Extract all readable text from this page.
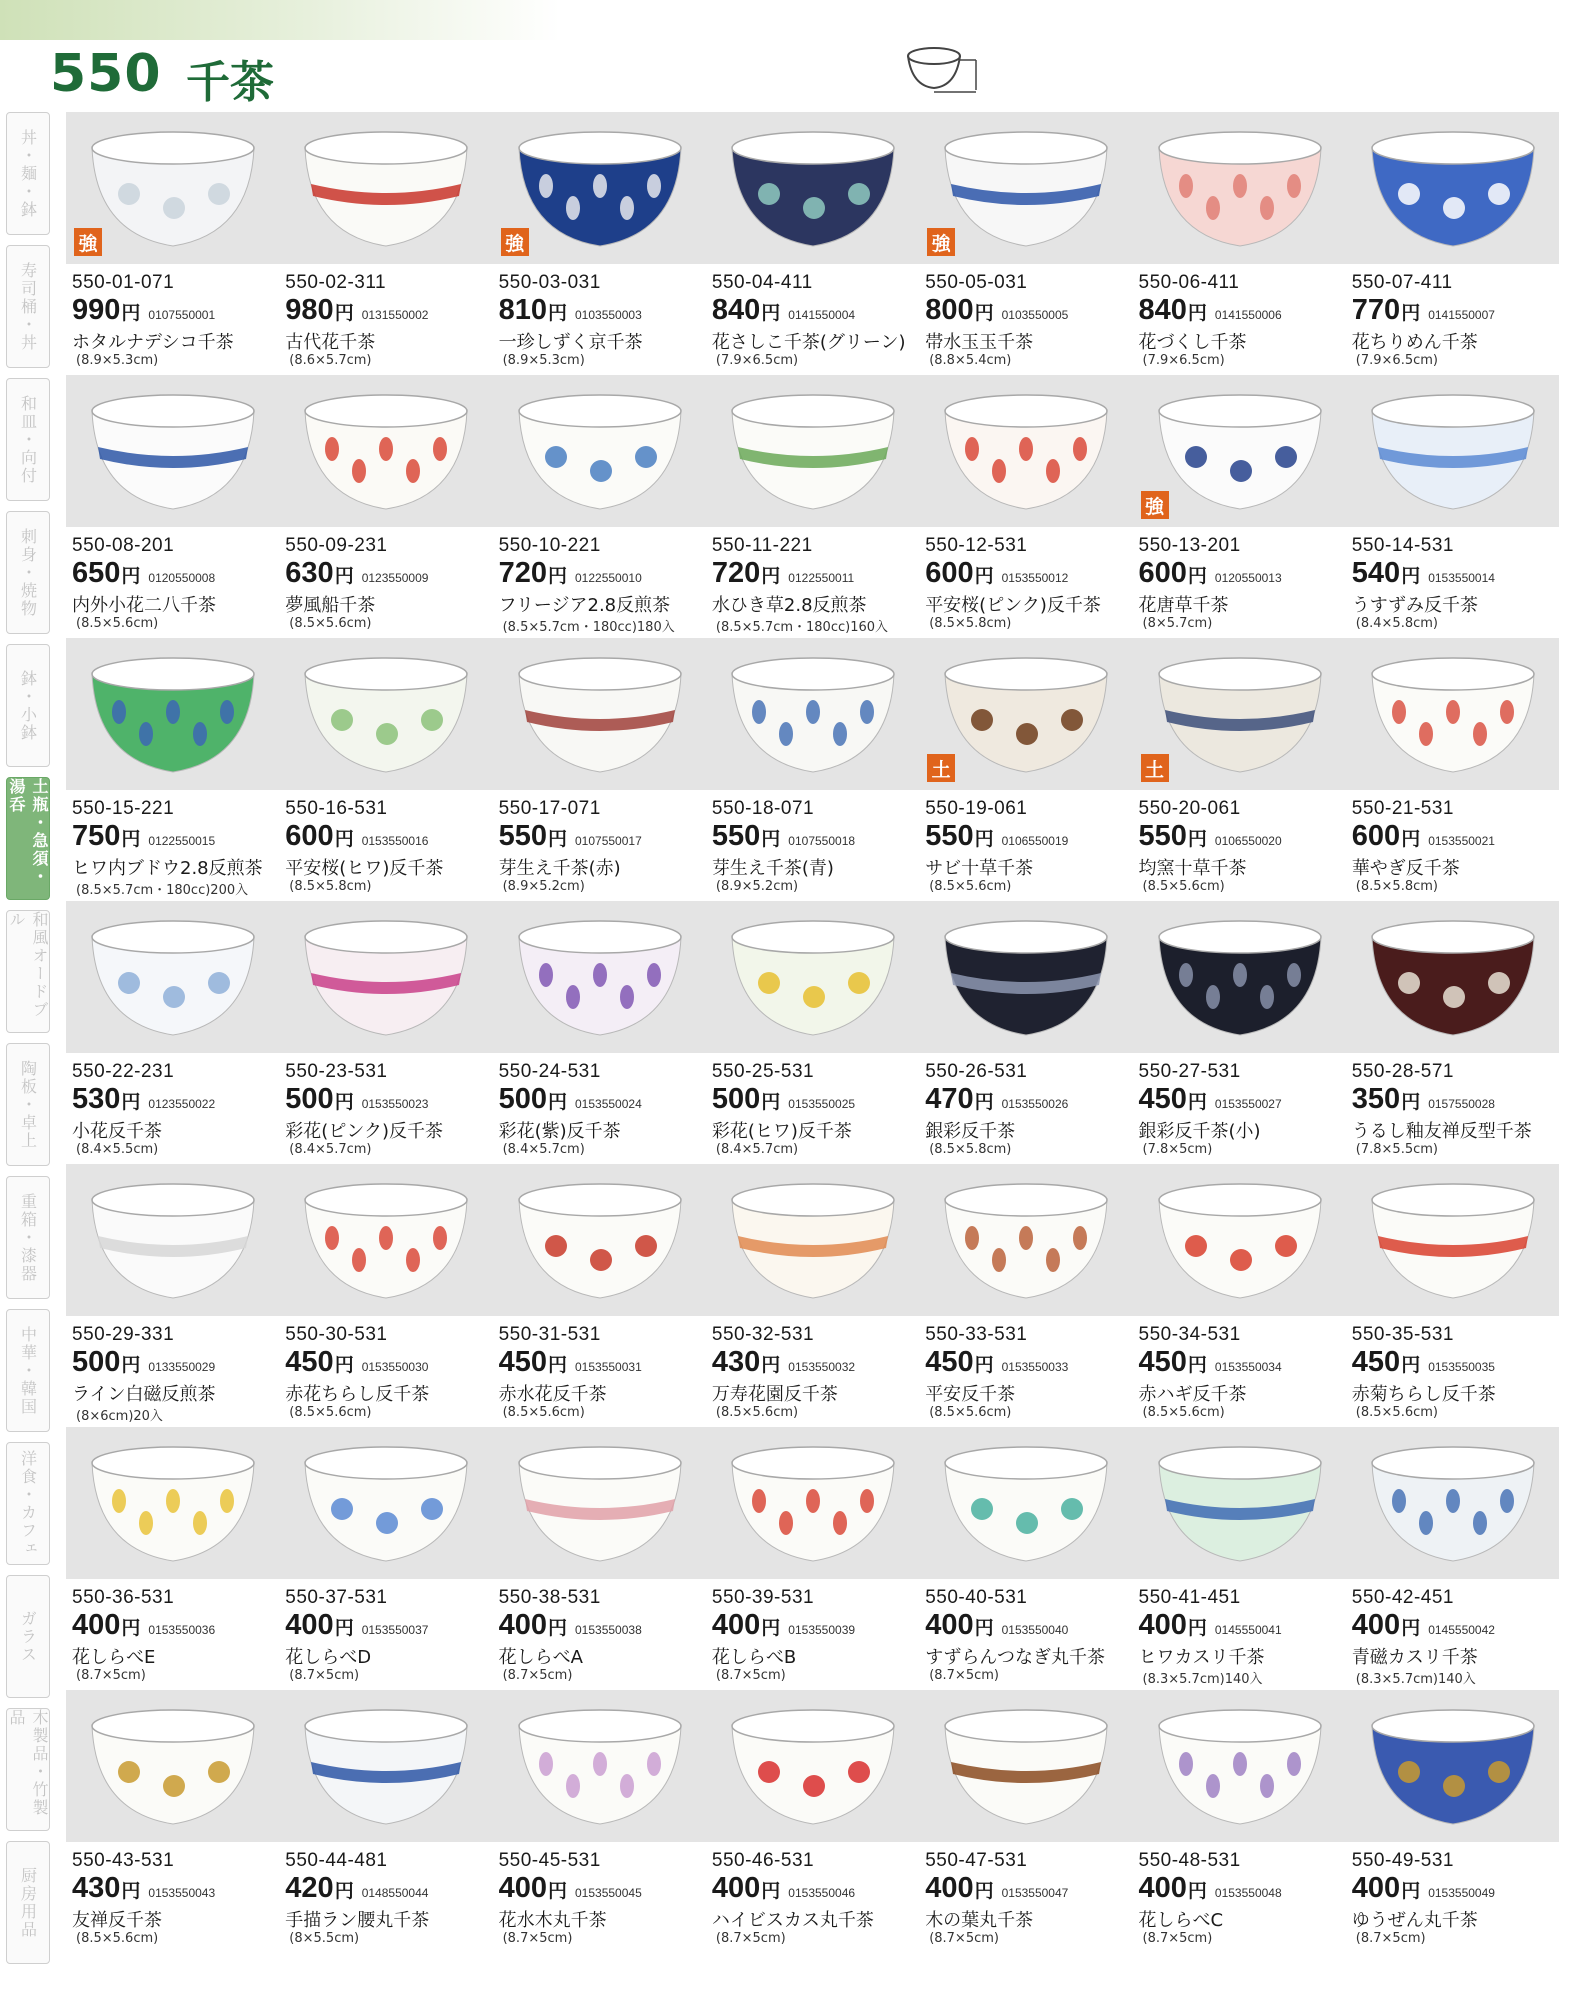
550 千茶
丼・麺・鉢
寿司桶・丼
和皿・向付
刺身・焼物
鉢・小鉢
土瓶・急須・湯呑
和風オードブル
陶板・卓上
重箱・漆器
中華・韓国
洋食・カフェ
ガラス
木製品・竹製品
厨房用品
強
550-01-071
990円 0107550001
ホタルナデシコ千茶
(8.9×5.3cm)
550-02-311
980円 0131550002
古代花千茶
(8.6×5.7cm)
強
550-03-031
810円 0103550003
一珍しずく京千茶
(8.9×5.3cm)
550-04-411
840円 0141550004
花さしこ千茶(グリーン)
(7.9×6.5cm)
強
550-05-031
800円 0103550005
帯水玉玉千茶
(8.8×5.4cm)
550-06-411
840円 0141550006
花づくし千茶
(7.9×6.5cm)
550-07-411
770円 0141550007
花ちりめん千茶
(7.9×6.5cm)
550-08-201
650円 0120550008
内外小花二八千茶
(8.5×5.6cm)
550-09-231
630円 0123550009
夢風船千茶
(8.5×5.6cm)
550-10-221
720円 0122550010
フリージア2.8反煎茶
(8.5×5.7cm・180cc)180入
550-11-221
720円 0122550011
水ひき草2.8反煎茶
(8.5×5.7cm・180cc)160入
550-12-531
600円 0153550012
平安桜(ピンク)反千茶
(8.5×5.8cm)
強
550-13-201
600円 0120550013
花唐草千茶
(8×5.7cm)
550-14-531
540円 0153550014
うすずみ反千茶
(8.4×5.8cm)
550-15-221
750円 0122550015
ヒワ内ブドウ2.8反煎茶
(8.5×5.7cm・180cc)200入
550-16-531
600円 0153550016
平安桜(ヒワ)反千茶
(8.5×5.8cm)
550-17-071
550円 0107550017
芽生え千茶(赤)
(8.9×5.2cm)
550-18-071
550円 0107550018
芽生え千茶(青)
(8.9×5.2cm)
土
550-19-061
550円 0106550019
サビ十草千茶
(8.5×5.6cm)
土
550-20-061
550円 0106550020
均窯十草千茶
(8.5×5.6cm)
550-21-531
600円 0153550021
華やぎ反千茶
(8.5×5.8cm)
550-22-231
530円 0123550022
小花反千茶
(8.4×5.5cm)
550-23-531
500円 0153550023
彩花(ピンク)反千茶
(8.4×5.7cm)
550-24-531
500円 0153550024
彩花(紫)反千茶
(8.4×5.7cm)
550-25-531
500円 0153550025
彩花(ヒワ)反千茶
(8.4×5.7cm)
550-26-531
470円 0153550026
銀彩反千茶
(8.5×5.8cm)
550-27-531
450円 0153550027
銀彩反千茶(小)
(7.8×5cm)
550-28-571
350円 0157550028
うるし釉友禅反型千茶
(7.8×5.5cm)
550-29-331
500円 0133550029
ライン白磁反煎茶
(8×6cm)20入
550-30-531
450円 0153550030
赤花ちらし反千茶
(8.5×5.6cm)
550-31-531
450円 0153550031
赤水花反千茶
(8.5×5.6cm)
550-32-531
430円 0153550032
万寿花園反千茶
(8.5×5.6cm)
550-33-531
450円 0153550033
平安反千茶
(8.5×5.6cm)
550-34-531
450円 0153550034
赤ハギ反千茶
(8.5×5.6cm)
550-35-531
450円 0153550035
赤菊ちらし反千茶
(8.5×5.6cm)
550-36-531
400円 0153550036
花しらべE
(8.7×5cm)
550-37-531
400円 0153550037
花しらべD
(8.7×5cm)
550-38-531
400円 0153550038
花しらべA
(8.7×5cm)
550-39-531
400円 0153550039
花しらべB
(8.7×5cm)
550-40-531
400円 0153550040
すずらんつなぎ丸千茶
(8.7×5cm)
550-41-451
400円 0145550041
ヒワカスリ千茶
(8.3×5.7cm)140入
550-42-451
400円 0145550042
青磁カスリ千茶
(8.3×5.7cm)140入
550-43-531
430円 0153550043
友禅反千茶
(8.5×5.6cm)
550-44-481
420円 0148550044
手描ラン腰丸千茶
(8×5.5cm)
550-45-531
400円 0153550045
花水木丸千茶
(8.7×5cm)
550-46-531
400円 0153550046
ハイビスカス丸千茶
(8.7×5cm)
550-47-531
400円 0153550047
木の葉丸千茶
(8.7×5cm)
550-48-531
400円 0153550048
花しらべC
(8.7×5cm)
550-49-531
400円 0153550049
ゆうぜん丸千茶
(8.7×5cm)
